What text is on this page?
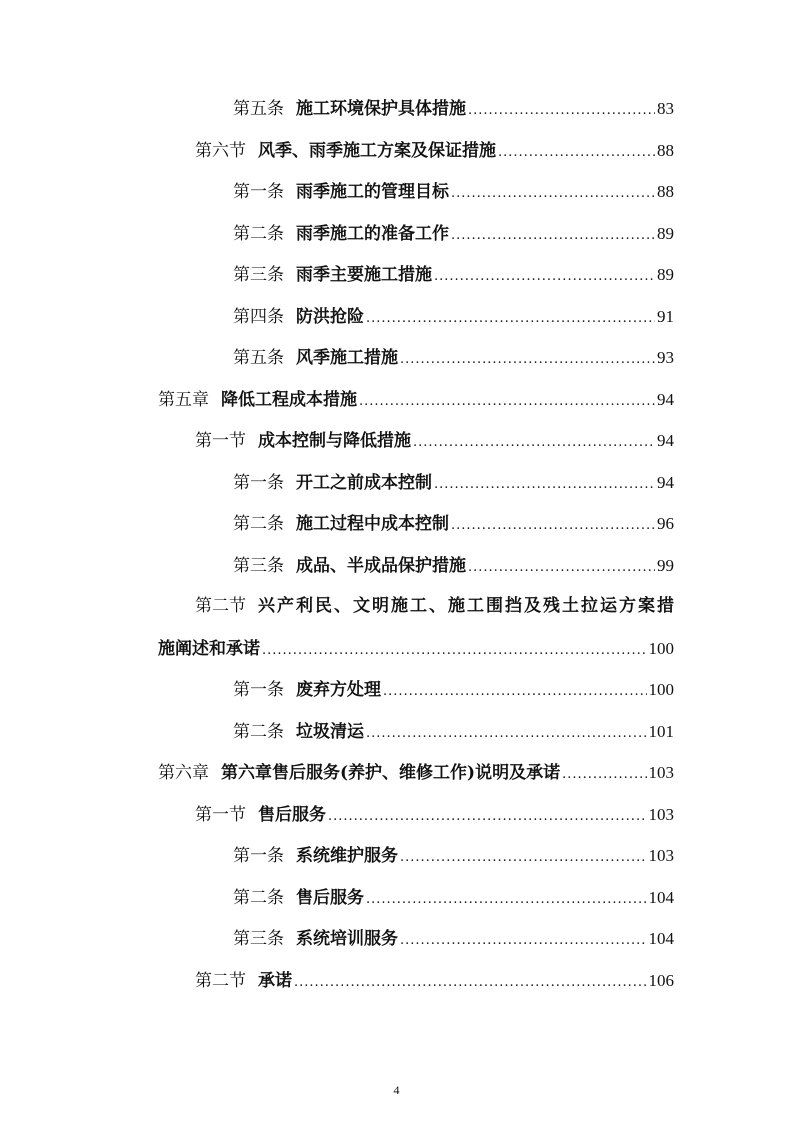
第五条 施工环境保护具体措施 .....	83
第六节 风季、雨季施工方案及保证措施 .....	88
第一条 雨季施工的管理目标 .....	88
第二条 雨季施工的准备工作 .....	89
第三条 雨季主要施工措施 .....	89
第四条 防洪抢险 .....	91
第五条 风季施工措施 .....	93
第五章 降低工程成本措施 .....	94
第一节 成本控制与降低措施 .....	94
第一条 开工之前成本控制 .....	94
第二条 施工过程中成本控制 .....	96
第三条 成品、半成品保护措施 .....	99
第二节 兴产利民、文明施工、施工围挡及残土拉运方案措
施阐述和承诺 .....	100
第一条 废弃方处理 .....	100
第二条 垃圾清运 .....	101
第六章 第六章售后服务(养护、维修工作)说明及承诺 .....	103
第一节 售后服务 .....	103
第一条 系统维护服务 .....	103
第二条 售后服务 .....	104
第三条 系统培训服务 .....	104
第二节 承诺 .....	106
4
